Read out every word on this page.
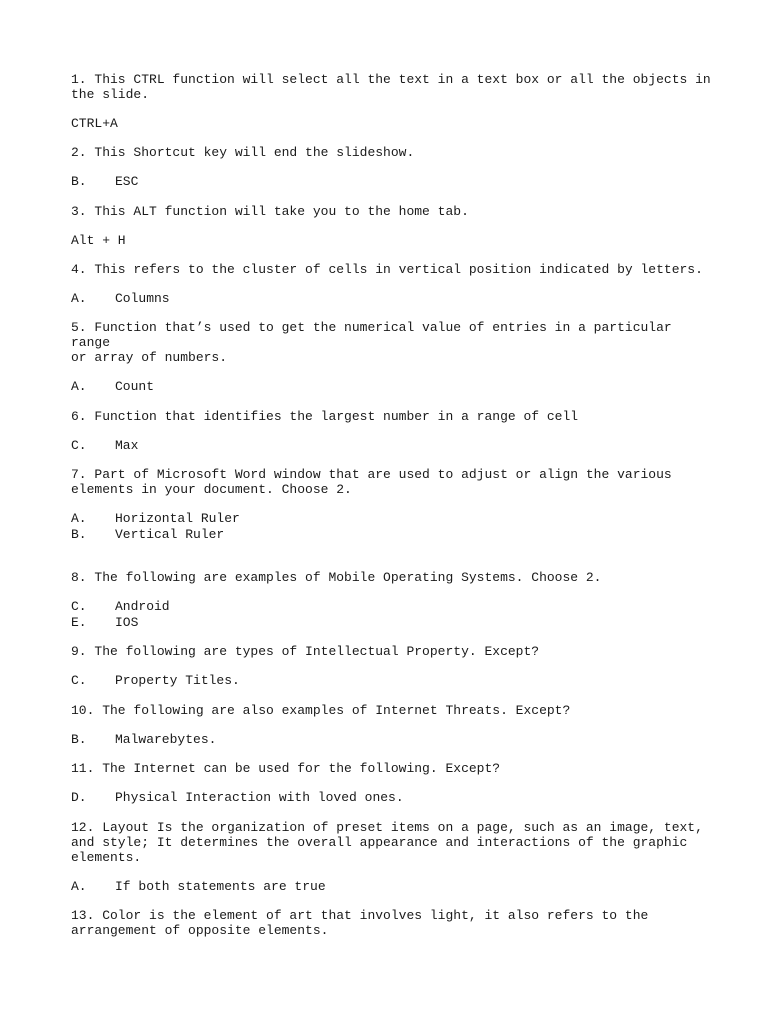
1. This CTRL function will select all the text in a text box or all the objects in
the slide.
CTRL+A
2. This Shortcut key will end the slideshow.
B.	ESC
3. This ALT function will take you to the home tab.
Alt + H
4. This refers to the cluster of cells in vertical position indicated by letters.
A.	Columns
5. Function that’s used to get the numerical value of entries in a particular range
or array of numbers.
A.	Count
6. Function that identifies the largest number in a range of cell
C.	Max
7. Part of Microsoft Word window that are used to adjust or align the various
elements in your document. Choose 2.
A.	Horizontal Ruler
B.	Vertical Ruler
8. The following are examples of Mobile Operating Systems. Choose 2.
C.	Android
E.	IOS
9. The following are types of Intellectual Property. Except?
C.	Property Titles.
10. The following are also examples of Internet Threats. Except?
B.	Malwarebytes.
11. The Internet can be used for the following. Except?
D.	Physical Interaction with loved ones.
12. Layout Is the organization of preset items on a page, such as an image, text,
and style; It determines the overall appearance and interactions of the graphic
elements.
A.	If both statements are true
13. Color is the element of art that involves light, it also refers to the
arrangement of opposite elements.
